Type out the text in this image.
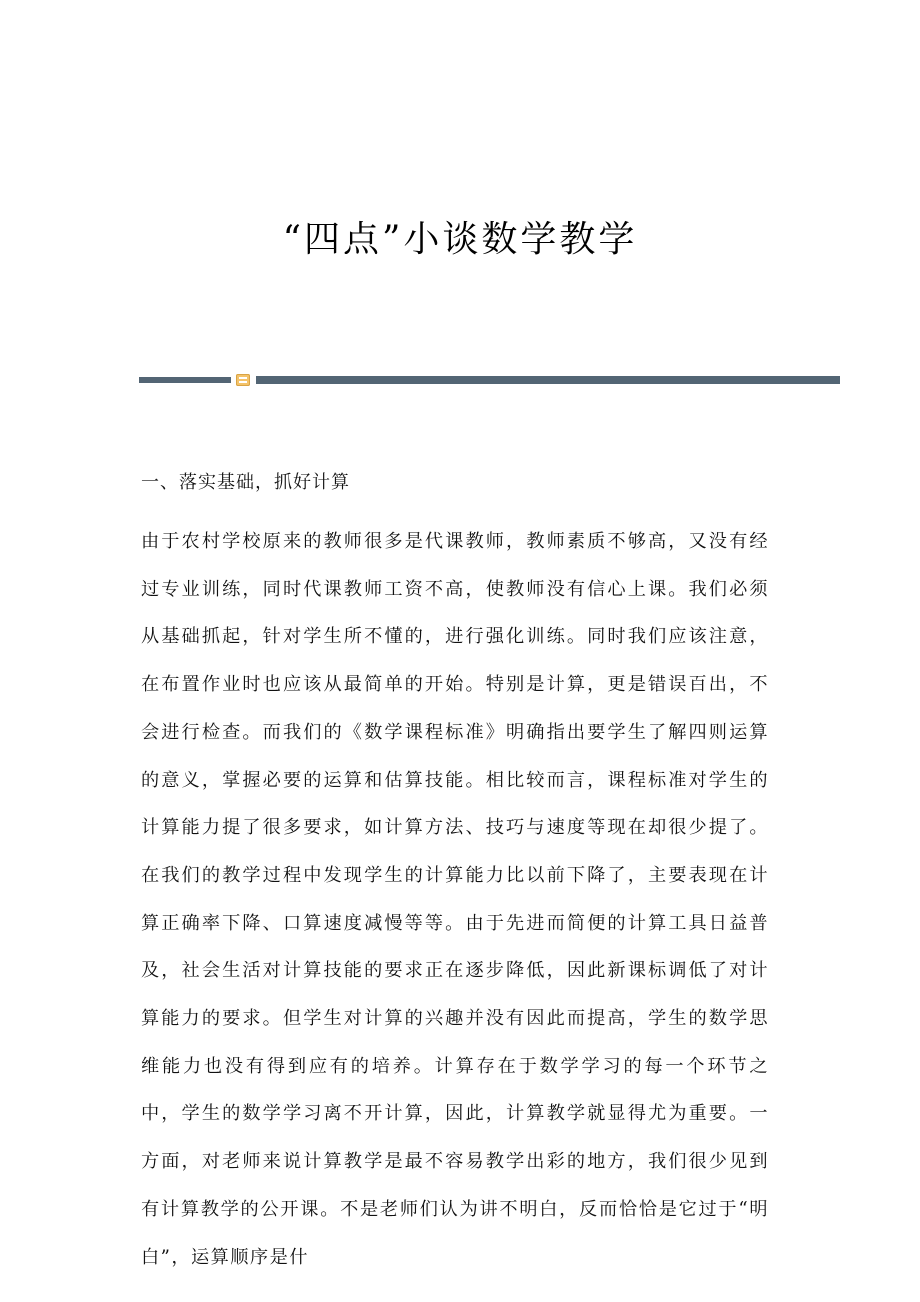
“四点”小谈数学教学
一、落实基础，抓好计算

由于农村学校原来的教师很多是代课教师，教师素质不够高，又没有经过专业训练，同时代课教师工资不高，使教师没有信心上课。我们必须从基础抓起，针对学生所不懂的，进行强化训练。同时我们应该注意，在布置作业时也应该从最简单的开始。特别是计算，更是错误百出，不会进行检查。而我们的《数学课程标准》明确指出要学生了解四则运算的意义，掌握必要的运算和估算技能。相比较而言，课程标准对学生的计算能力提了很多要求，如计算方法、技巧与速度等现在却很少提了。在我们的教学过程中发现学生的计算能力比以前下降了，主要表现在计算正确率下降、口算速度减慢等等。由于先进而简便的计算工具日益普及，社会生活对计算技能的要求正在逐步降低，因此新课标调低了对计算能力的要求。但学生对计算的兴趣并没有因此而提高，学生的数学思维能力也没有得到应有的培养。计算存在于数学学习的每一个环节之中，学生的数学学习离不开计算，因此，计算教学就显得尤为重要。一方面，对老师来说计算教学是最不容易教学出彩的地方，我们很少见到有计算教学的公开课。不是老师们认为讲不明白，反而恰恰是它过于“明白”，运算顺序是什
